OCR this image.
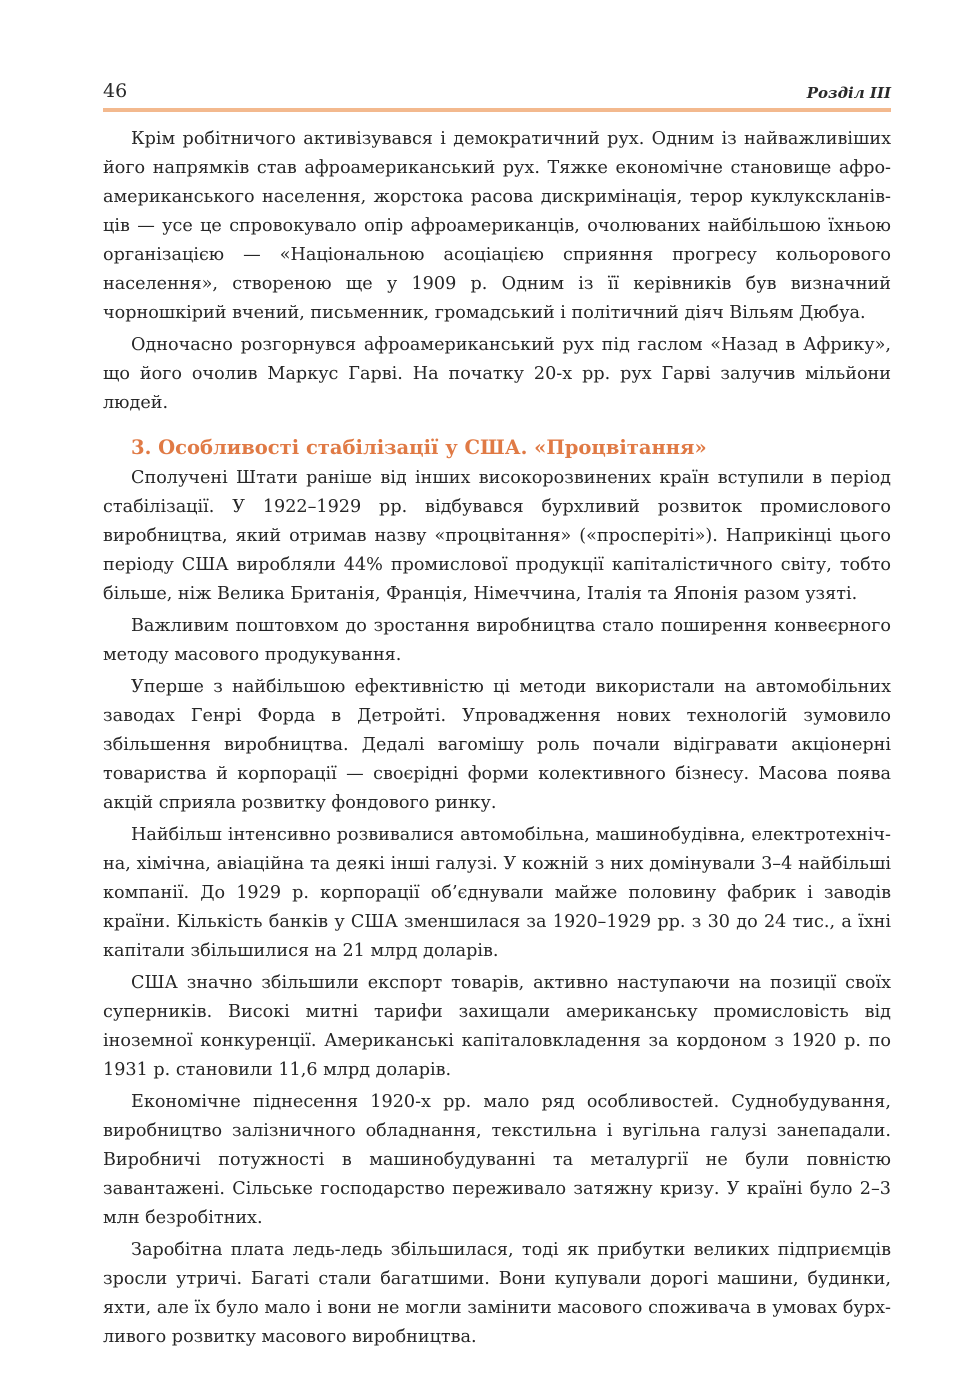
46	Розділ III

Крім робітничого активізувався і демократичний рух. Одним із найважливіших його напрямків став афроамериканський рух. Тяжке економічне становище афроамериканського населення, жорстока расова дискримінація, терор куклукскланівців — усе це спровокувало опір афроамериканців, очолюваних найбільшою їхньою організацією — «Національною асоціацією сприяння прогресу кольорового населення», створеною ще у 1909 р. Одним із її керівників був визначний чорношкірий вчений, письменник, громадський і політичний діяч Вільям Дюбуа.

Одночасно розгорнувся афроамериканський рух під гаслом «Назад в Африку», що його очолив Маркус Гарві. На початку 20-х рр. рух Гарві залучив мільйони людей.

3. Особливості стабілізації у США. «Процвітання»

Сполучені Штати раніше від інших високорозвинених країн вступили в період стабілізації. У 1922–1929 рр. відбувався бурхливий розвиток промислового виробництва, який отримав назву «процвітання» («просперіті»). Наприкінці цього періоду США виробляли 44% промислової продукції капіталістичного світу, тобто більше, ніж Велика Британія, Франція, Німеччина, Італія та Японія разом узяті.

Важливим поштовхом до зростання виробництва стало поширення конвеєрного методу масового продукування.

Уперше з найбільшою ефективністю ці методи використали на автомобільних заводах Генрі Форда в Детройті. Упровадження нових технологій зумовило збільшення виробництва. Дедалі вагомішу роль почали відігравати акціонерні товариства й корпорації — своєрідні форми колективного бізнесу. Масова поява акцій сприяла розвитку фондового ринку.

Найбільш інтенсивно розвивалися автомобільна, машинобудівна, електротехнічна, хімічна, авіаційна та деякі інші галузі. У кожній з них домінували 3–4 найбільші компанії. До 1929 р. корпорації об’єднували майже половину фабрик і заводів країни. Кількість банків у США зменшилася за 1920–1929 рр. з 30 до 24 тис., а їхні капітали збільшилися на 21 млрд доларів.

США значно збільшили експорт товарів, активно наступаючи на позиції своїх суперників. Високі митні тарифи захищали американську промисловість від іноземної конкуренції. Американські капіталовкладення за кордоном з 1920 р. по 1931 р. становили 11,6 млрд доларів.

Економічне піднесення 1920-х рр. мало ряд особливостей. Суднобудування, виробництво залізничного обладнання, текстильна і вугільна галузі занепадали. Виробничі потужності в машинобудуванні та металургії не були повністю завантажені. Сільське господарство переживало затяжну кризу. У країні було 2–3 млн безробітних.

Заробітна плата ледь-ледь збільшилася, тоді як прибутки великих підприємців зросли утричі. Багаті стали багатшими. Вони купували дорогі машини, будинки, яхти, але їх було мало і вони не могли замінити масового споживача в умовах бурхливого розвитку масового виробництва.
